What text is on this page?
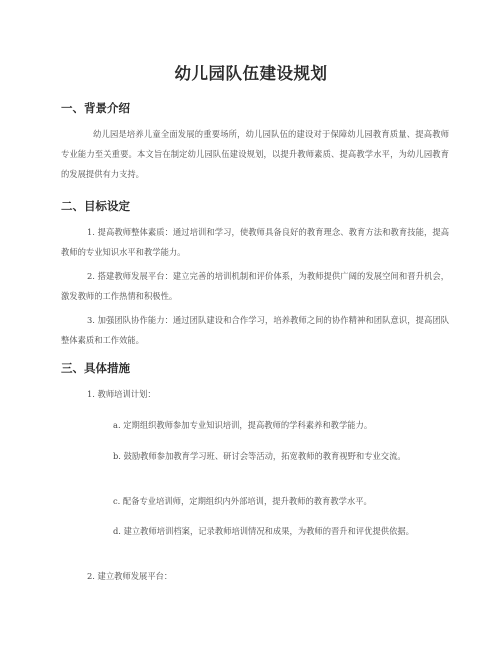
幼儿园队伍建设规划
一、背景介绍

幼儿园是培养儿童全面发展的重要场所，幼儿园队伍的建设对于保障幼儿园教育质量、提高教师专业能力至关重要。本文旨在制定幼儿园队伍建设规划，以提升教师素质、提高教学水平，为幼儿园教育的发展提供有力支持。

二、目标设定

1. 提高教师整体素质：通过培训和学习，使教师具备良好的教育理念、教育方法和教育技能，提高教师的专业知识水平和教学能力。

2. 搭建教师发展平台：建立完善的培训机制和评价体系，为教师提供广阔的发展空间和晋升机会，激发教师的工作热情和积极性。

3. 加强团队协作能力：通过团队建设和合作学习，培养教师之间的协作精神和团队意识，提高团队整体素质和工作效能。

三、具体措施

1. 教师培训计划：

a. 定期组织教师参加专业知识培训，提高教师的学科素养和教学能力。

b. 鼓励教师参加教育学习班、研讨会等活动，拓宽教师的教育视野和专业交流。

c. 配备专业培训师，定期组织内外部培训，提升教师的教育教学水平。

d. 建立教师培训档案，记录教师培训情况和成果，为教师的晋升和评优提供依据。

2. 建立教师发展平台：
